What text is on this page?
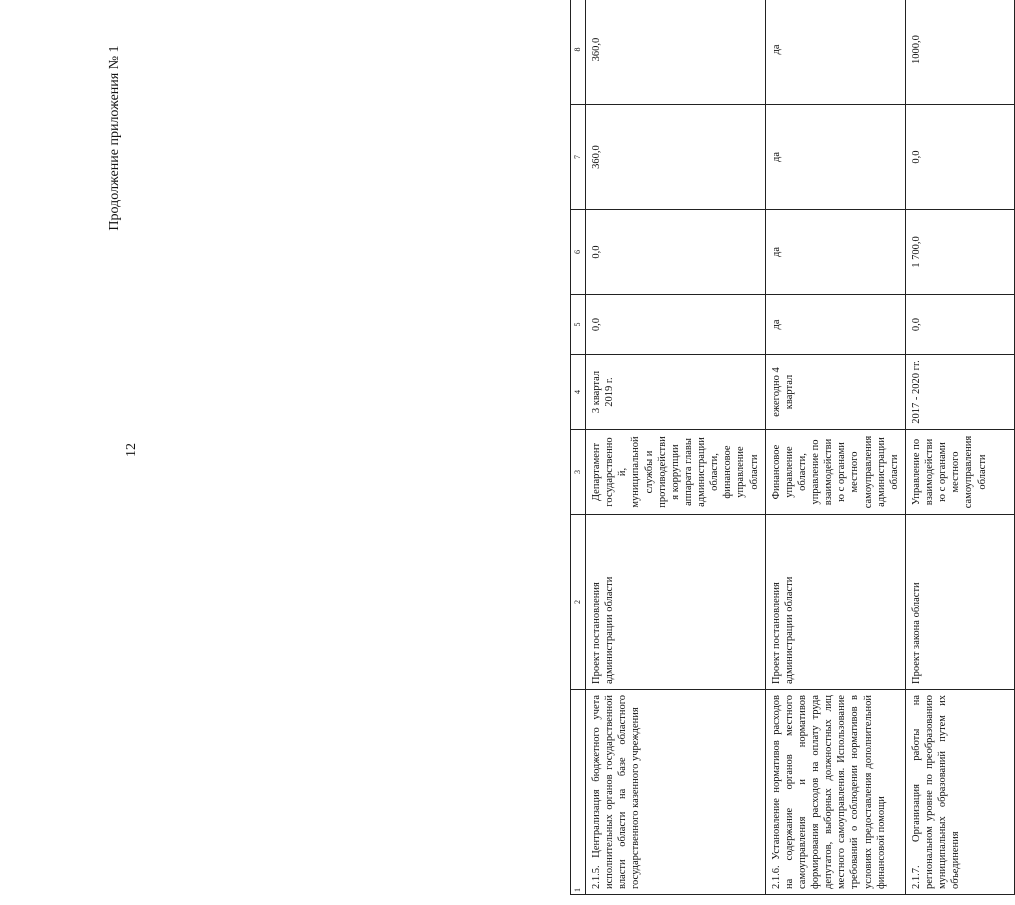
12
Продолжение приложения № 1
1	2	3	4	5	6	7	8
2.1.5. Централизация бюджетного учета исполнительных органов государственной власти области на базе областного государственного казенного учреждения	Проект постановления администрации области	Департамент государственной, муниципальной службы и противодействия коррупции аппарата главы администрации области, финансовое управление области	3 квартал 2019 г.	0,0	0,0	360,0	360,0
2.1.6. Установление нормативов расходов на содержание органов местного самоуправления и нормативов формирования расходов на оплату труда депутатов, выборных должностных лиц местного самоуправления. Использование требований о соблюдении нормативов в условиях предоставления дополнительной финансовой помощи	Проект постановления администрации области	Финансовое управление области, управление по взаимодействию с органами местного самоуправления администрации области	ежегодно 4 квартал	да	да	да	да
2.1.7. Организация работы на региональном уровне по преобразованию муниципальных образований путем их объединения	Проект закона области	Управление по взаимодействию с органами местного самоуправления области	2017 - 2020 гг.	0,0	1 700,0	0,0	1000,0
